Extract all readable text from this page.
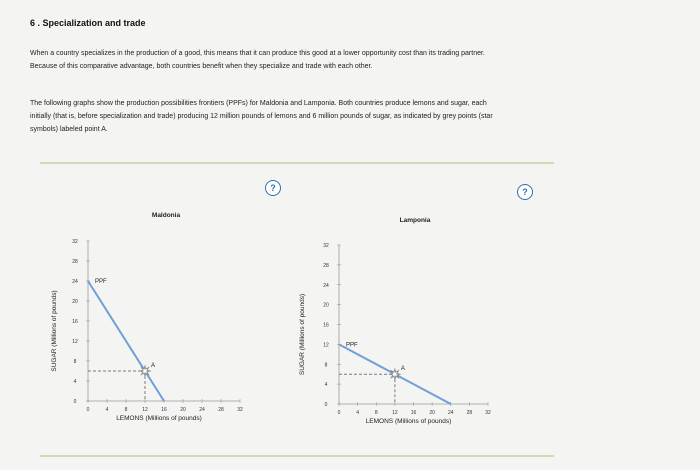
6 . Specialization and trade
When a country specializes in the production of a good, this means that it can produce this good at a lower opportunity cost than its trading partner.
Because of this comparative advantage, both countries benefit when they specialize and trade with each other.
The following graphs show the production possibilities frontiers (PPFs) for Maldonia and Lamponia. Both countries produce lemons and sugar, each
initially (that is, before specialization and trade) producing 12 million pounds of lemons and 6 million pounds of sugar, as indicated by grey points (star
symbols) labeled point A.
?	?
Maldonia
0
4
8
12
16
20
24
28
32
0	4	8	12	16	20	24	28	32
LEMONS (Millions of pounds)
SUGAR (Millions of pounds)
PPF
A
Lamponia
0
4
8
12
16
20
24
28
32
0	4	8	12	16	20	24	28	32
LEMONS (Millions of pounds)
SUGAR (Millions of pounds)	PPF
A
